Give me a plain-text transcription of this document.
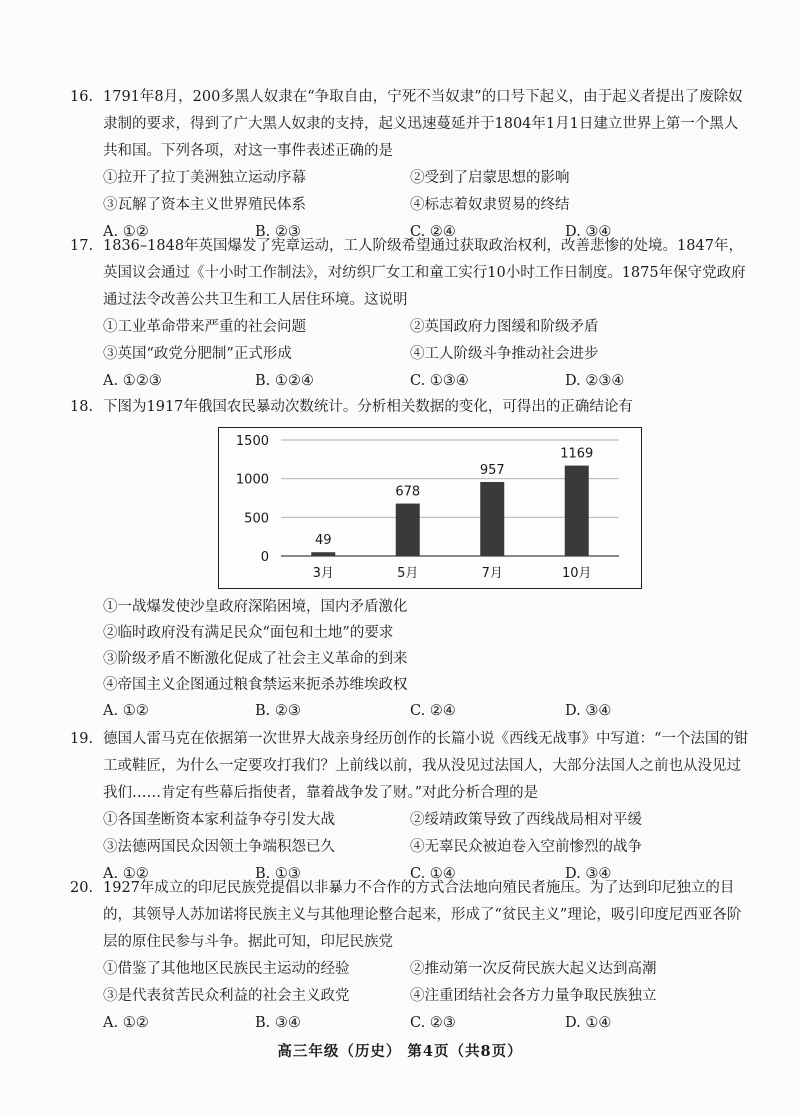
16. 1791年8月，200多黑人奴隶在“争取自由，宁死不当奴隶”的口号下起义，由于起义者提出了废除奴隶制的要求，得到了广大黑人奴隶的支持，起义迅速蔓延并于1804年1月1日建立世界上第一个黑人共和国。下列各项，对这一事件表述正确的是
①拉开了拉丁美洲独立运动序幕	②受到了启蒙思想的影响
③瓦解了资本主义世界殖民体系	④标志着奴隶贸易的终结
A. ①②	B. ②③	C. ②④	D. ③④
17. 1836–1848年英国爆发了宪章运动，工人阶级希望通过获取政治权利，改善悲惨的处境。1847年，英国议会通过《十小时工作制法》，对纺织厂女工和童工实行10小时工作日制度。1875年保守党政府通过法令改善公共卫生和工人居住环境。这说明
①工业革命带来严重的社会问题	②英国政府力图缓和阶级矛盾
③英国“政党分肥制”正式形成	④工人阶级斗争推动社会进步
A. ①②③	B. ①②④	C. ①③④	D. ②③④
18. 下图为1917年俄国农民暴动次数统计。分析相关数据的变化，可得出的正确结论有
0
500
1000
1500
49
3月
678
5月
957
7月
1169
10月
①一战爆发使沙皇政府深陷困境，国内矛盾激化
②临时政府没有满足民众“面包和土地”的要求
③阶级矛盾不断激化促成了社会主义革命的到来
④帝国主义企图通过粮食禁运来扼杀苏维埃政权
A. ①②	B. ②③	C. ②④	D. ③④
19. 德国人雷马克在依据第一次世界大战亲身经历创作的长篇小说《西线无战事》中写道：“一个法国的钳工或鞋匠，为什么一定要攻打我们？上前线以前，我从没见过法国人，大部分法国人之前也从没见过我们……肯定有些幕后指使者，靠着战争发了财。”对此分析合理的是
①各国垄断资本家利益争夺引发大战	②绥靖政策导致了西线战局相对平缓
③法德两国民众因领土争端积怨已久	④无辜民众被迫卷入空前惨烈的战争
A. ①②	B. ①③	C. ①④	D. ③④
20. 1927年成立的印尼民族党提倡以非暴力不合作的方式合法地向殖民者施压。为了达到印尼独立的目的，其领导人苏加诺将民族主义与其他理论整合起来，形成了“贫民主义”理论，吸引印度尼西亚各阶层的原住民参与斗争。据此可知，印尼民族党
①借鉴了其他地区民族民主运动的经验	②推动第一次反荷民族大起义达到高潮
③是代表贫苦民众利益的社会主义政党	④注重团结社会各方力量争取民族独立
A. ①②	B. ③④	C. ②③	D. ①④
高三年级（历史） 第4页（共8页）
